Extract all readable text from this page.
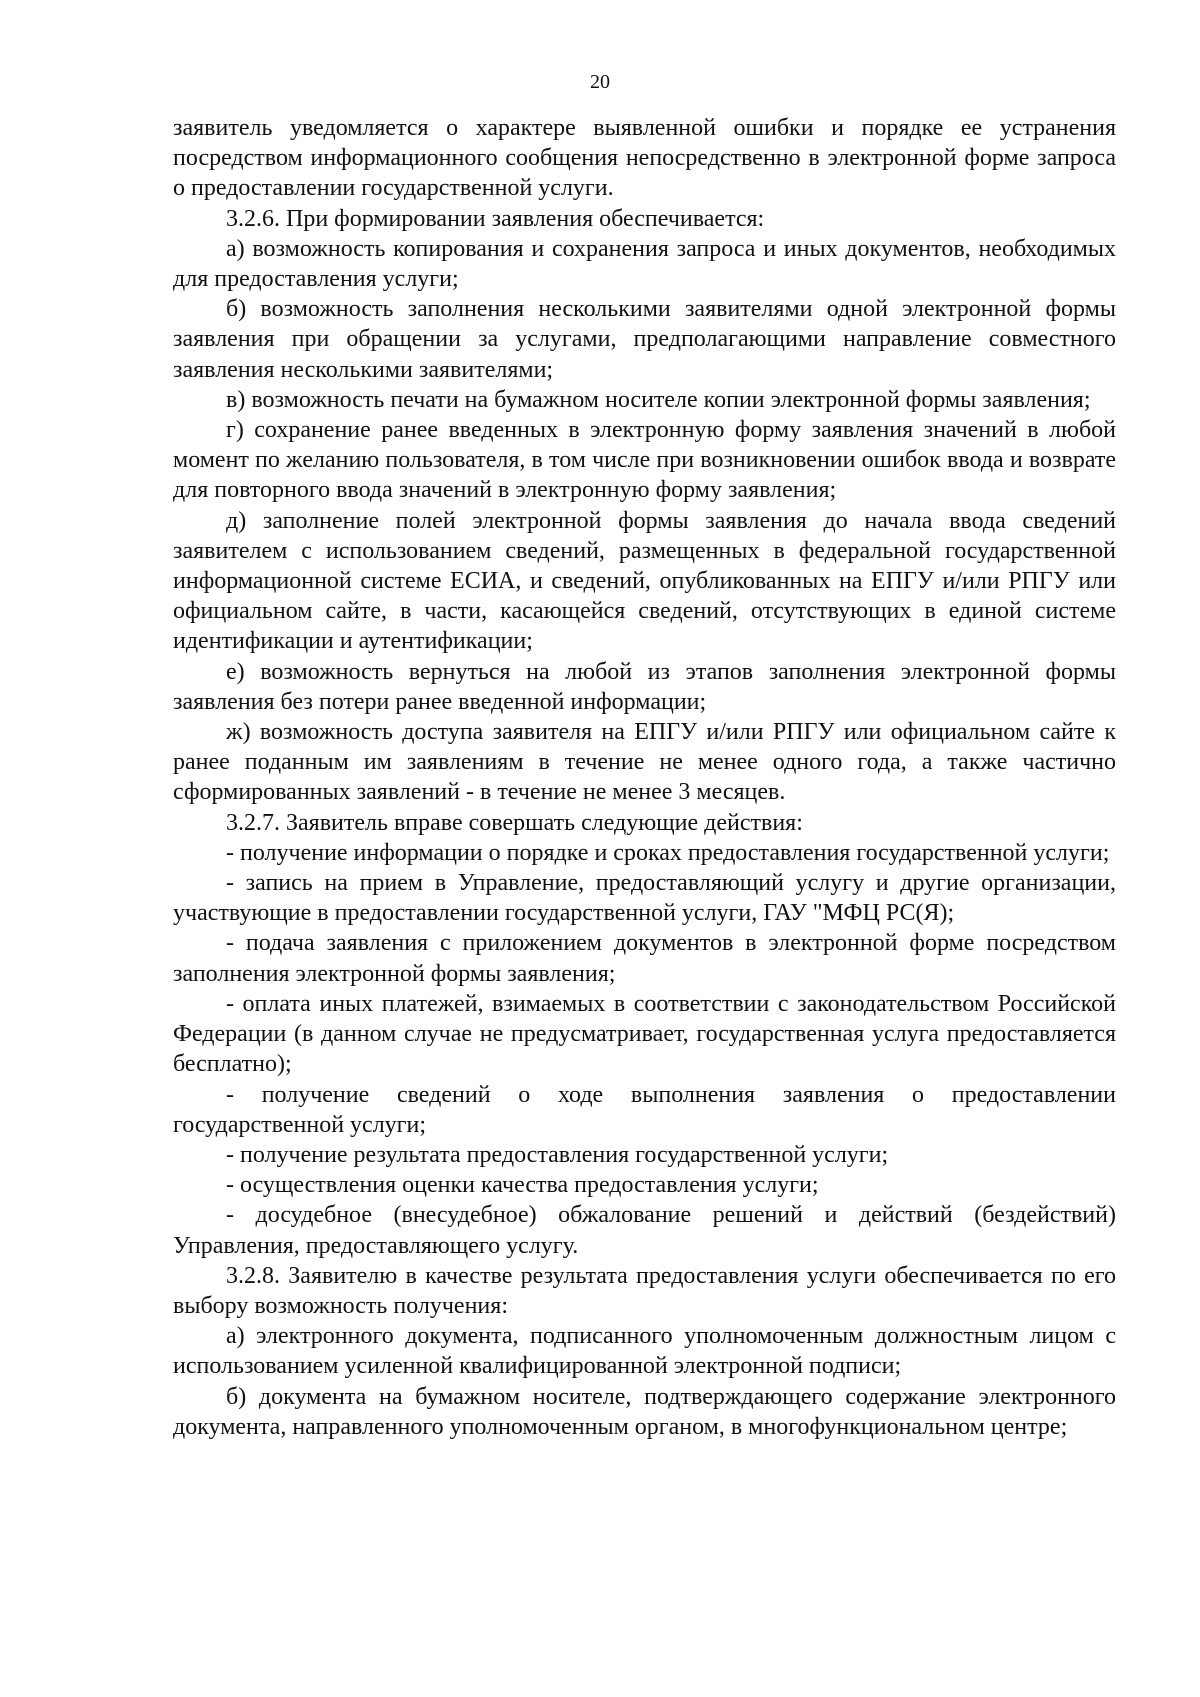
20

заявитель уведомляется о характере выявленной ошибки и порядке ее устранения посредством информационного сообщения непосредственно в электронной форме запроса о предоставлении государственной услуги.

3.2.6. При формировании заявления обеспечивается:

а) возможность копирования и сохранения запроса и иных документов, необходимых для предоставления услуги;

б) возможность заполнения несколькими заявителями одной электронной формы заявления при обращении за услугами, предполагающими направление совместного заявления несколькими заявителями;

в) возможность печати на бумажном носителе копии электронной формы заявления;

г) сохранение ранее введенных в электронную форму заявления значений в любой момент по желанию пользователя, в том числе при возникновении ошибок ввода и возврате для повторного ввода значений в электронную форму заявления;

д) заполнение полей электронной формы заявления до начала ввода сведений заявителем с использованием сведений, размещенных в федеральной государственной информационной системе ЕСИА, и сведений, опубликованных на ЕПГУ и/или РПГУ или официальном сайте, в части, касающейся сведений, отсутствующих в единой системе идентификации и аутентификации;

е) возможность вернуться на любой из этапов заполнения электронной формы заявления без потери ранее введенной информации;

ж) возможность доступа заявителя на ЕПГУ и/или РПГУ или официальном сайте к ранее поданным им заявлениям в течение не менее одного года, а также частично сформированных заявлений - в течение не менее 3 месяцев.

3.2.7. Заявитель вправе совершать следующие действия:

- получение информации о порядке и сроках предоставления государственной услуги;

- запись на прием в Управление, предоставляющий услугу и другие организации, участвующие в предоставлении государственной услуги, ГАУ "МФЦ РС(Я);

- подача заявления с приложением документов в электронной форме посредством заполнения электронной формы заявления;

- оплата иных платежей, взимаемых в соответствии с законодательством Российской Федерации (в данном случае не предусматривает, государственная услуга предоставляется бесплатно);

- получение сведений о ходе выполнения заявления о предоставлении государственной услуги;

- получение результата предоставления государственной услуги;

- осуществления оценки качества предоставления услуги;

- досудебное (внесудебное) обжалование решений и действий (бездействий) Управления, предоставляющего услугу.

3.2.8. Заявителю в качестве результата предоставления услуги обеспечивается по его выбору возможность получения:

а) электронного документа, подписанного уполномоченным должностным лицом с использованием усиленной квалифицированной электронной подписи;

б) документа на бумажном носителе, подтверждающего содержание электронного документа, направленного уполномоченным органом, в многофункциональном центре;
